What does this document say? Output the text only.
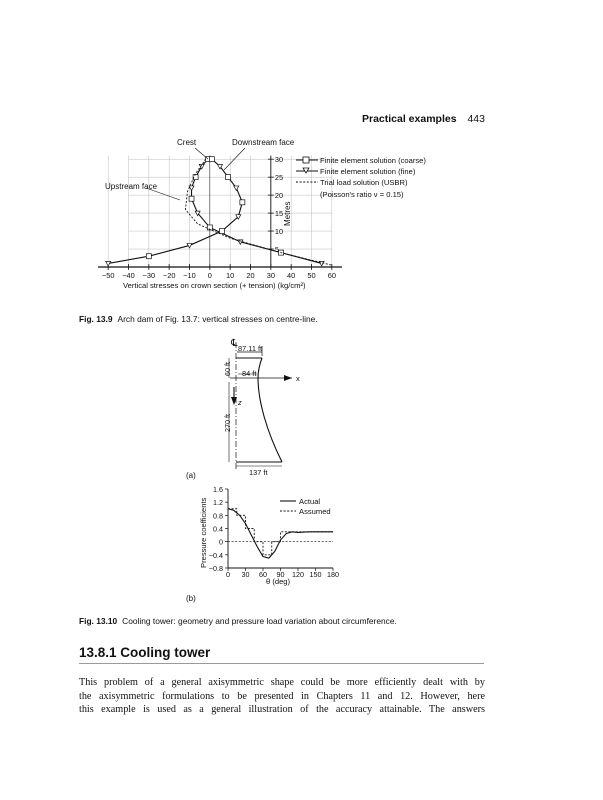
Practical examples 443
−50 −40 −30 −20 −10 0 10 20 30 40 50 60
5
10
15
20
25
30
Crest	Downstream face
Upstream face
Metres
Vertical stresses on crown section (+ tension) (kg/cm²)
Finite element solution (coarse)
Finite element solution (fine)
Trial load solution (USBR)
(Poisson's ratio ν = 0.15)
℄ 87.11 ft
x
84 ft
z
60 ft
270 ft
137 ft
(a)
−0.8
−0.4
0
0.4
0.8
1.2
1.6
0 30 60 90 120 150 180
Pressure coefficients
θ (deg)
Actual
Assumed
(b)
Fig. 13.9 Arch dam of Fig. 13.7: vertical stresses on centre-line.
Fig. 13.10 Cooling tower: geometry and pressure load variation about circumference.
13.8.1 Cooling tower
This problem of a general axisymmetric shape could be more efficiently dealt with by
the axisymmetric formulations to be presented in Chapters 11 and 12. However, here
this example is used as a general illustration of the accuracy attainable. The answers
